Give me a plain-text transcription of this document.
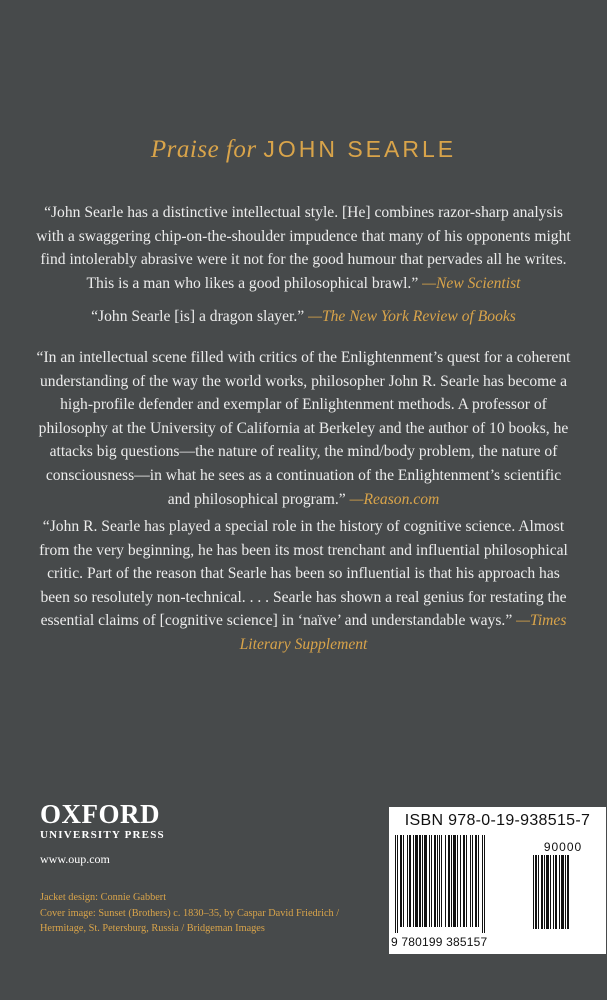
Praise for JOHN SEARLE
“John Searle has a distinctive intellectual style. [He] combines razor-sharp analysis with a swaggering chip-on-the-shoulder impudence that many of his opponents might find intolerably abrasive were it not for the good humour that pervades all he writes. This is a man who likes a good philosophical brawl.” —New Scientist
“John Searle [is] a dragon slayer.” —The New York Review of Books
“In an intellectual scene filled with critics of the Enlightenment’s quest for a coherent understanding of the way the world works, philosopher John R. Searle has become a high-profile defender and exemplar of Enlightenment methods. A professor of philosophy at the University of California at Berkeley and the author of 10 books, he attacks big questions—the nature of reality, the mind/body problem, the nature of consciousness—in what he sees as a continuation of the Enlightenment’s scientific and philosophical program.” —Reason.com
“John R. Searle has played a special role in the history of cognitive science. Almost from the very beginning, he has been its most trenchant and influential philosophical critic. Part of the reason that Searle has been so influential is that his approach has been so resolutely non-technical. . . . Searle has shown a real genius for restating the essential claims of [cognitive science] in ‘naïve’ and understandable ways.” —Times Literary Supplement
OXFORD
UNIVERSITY PRESS
www.oup.com
Jacket design: Connie Gabbert
Cover image: Sunset (Brothers) c. 1830–35, by Caspar David Friedrich / Hermitage, St. Petersburg, Russia / Bridgeman Images
ISBN 978-0-19-938515-7
90000
9 780199 385157
